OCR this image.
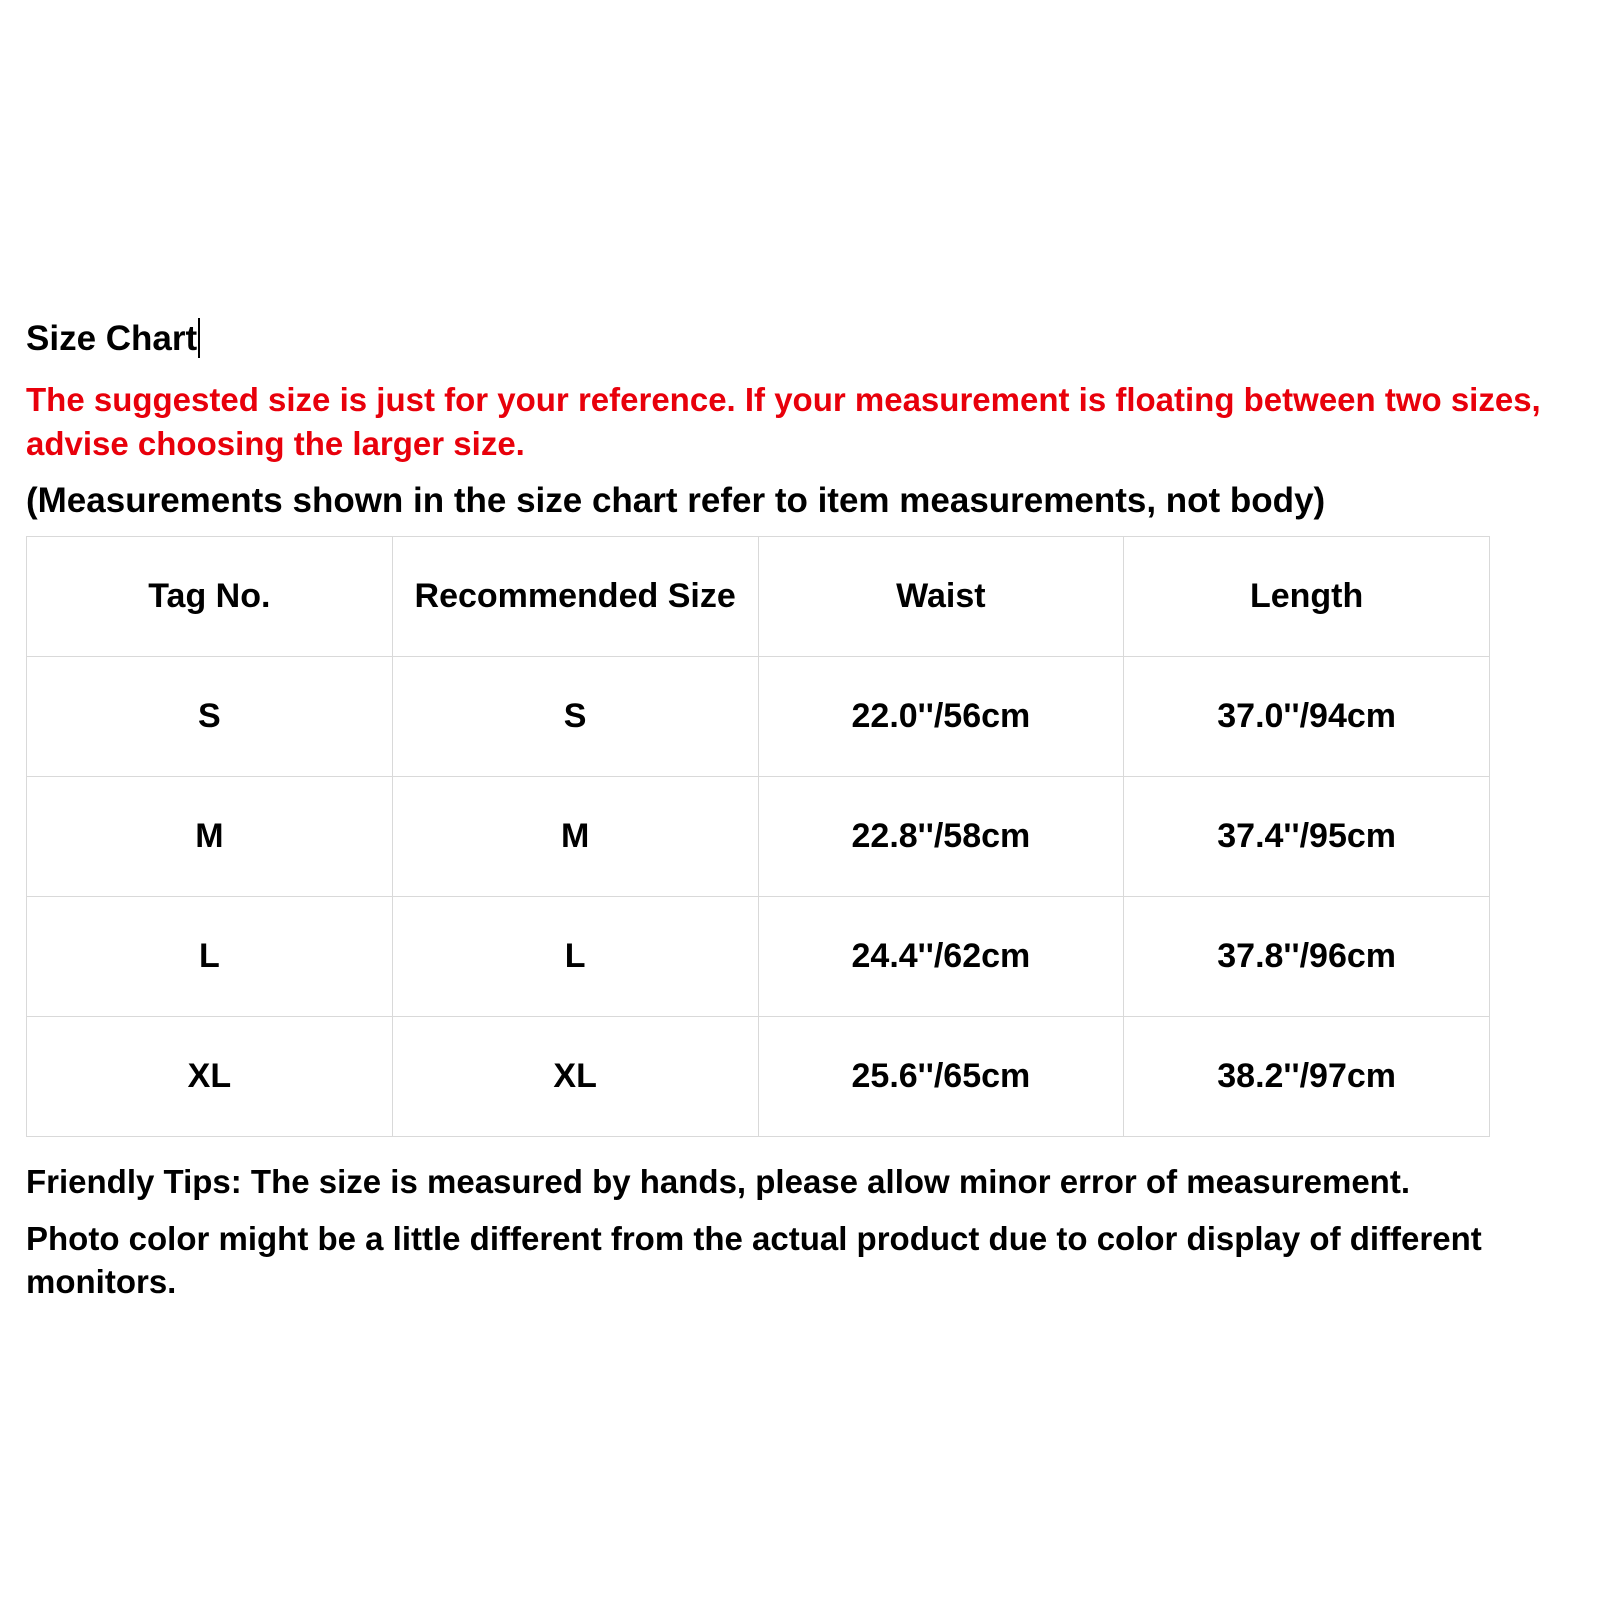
Size Chart
The suggested size is just for your reference. If your measurement is floating between two sizes, advise choosing the larger size.
(Measurements shown in the size chart refer to item measurements, not body)
Tag No.	Recommended Size	Waist	Length
S	S	22.0''/56cm	37.0''/94cm
M	M	22.8''/58cm	37.4''/95cm
L	L	24.4''/62cm	37.8''/96cm
XL	XL	25.6''/65cm	38.2''/97cm

Friendly Tips: The size is measured by hands, please allow minor error of measurement.

Photo color might be a little different from the actual product due to color display of different monitors.
